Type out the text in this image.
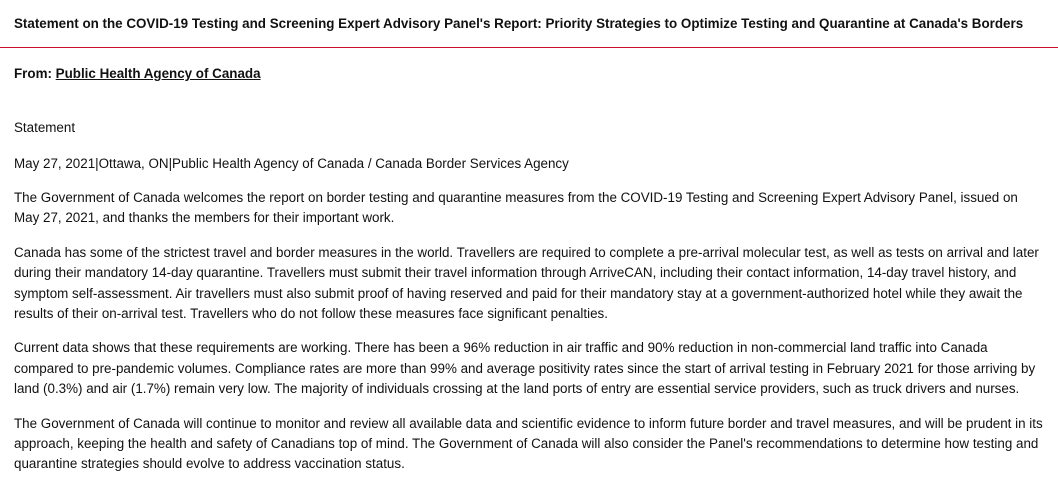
Statement on the COVID-19 Testing and Screening Expert Advisory Panel's Report: Priority Strategies to Optimize Testing and Quarantine at Canada's Borders
From: Public Health Agency of Canada
Statement
May 27, 2021|Ottawa, ON|Public Health Agency of Canada / Canada Border Services Agency

The Government of Canada welcomes the report on border testing and quarantine measures from the COVID-19 Testing and Screening Expert Advisory Panel, issued on May 27, 2021, and thanks the members for their important work.

Canada has some of the strictest travel and border measures in the world. Travellers are required to complete a pre-arrival molecular test, as well as tests on arrival and later during their mandatory 14-day quarantine. Travellers must submit their travel information through ArriveCAN, including their contact information, 14-day travel history, and symptom self-assessment. Air travellers must also submit proof of having reserved and paid for their mandatory stay at a government-authorized hotel while they await the results of their on-arrival test. Travellers who do not follow these measures face significant penalties.

Current data shows that these requirements are working. There has been a 96% reduction in air traffic and 90% reduction in non-commercial land traffic into Canada compared to pre-pandemic volumes. Compliance rates are more than 99% and average positivity rates since the start of arrival testing in February 2021 for those arriving by land (0.3%) and air (1.7%) remain very low. The majority of individuals crossing at the land ports of entry are essential service providers, such as truck drivers and nurses.

The Government of Canada will continue to monitor and review all available data and scientific evidence to inform future border and travel measures, and will be prudent in its approach, keeping the health and safety of Canadians top of mind. The Government of Canada will also consider the Panel's recommendations to determine how testing and quarantine strategies should evolve to address vaccination status.
